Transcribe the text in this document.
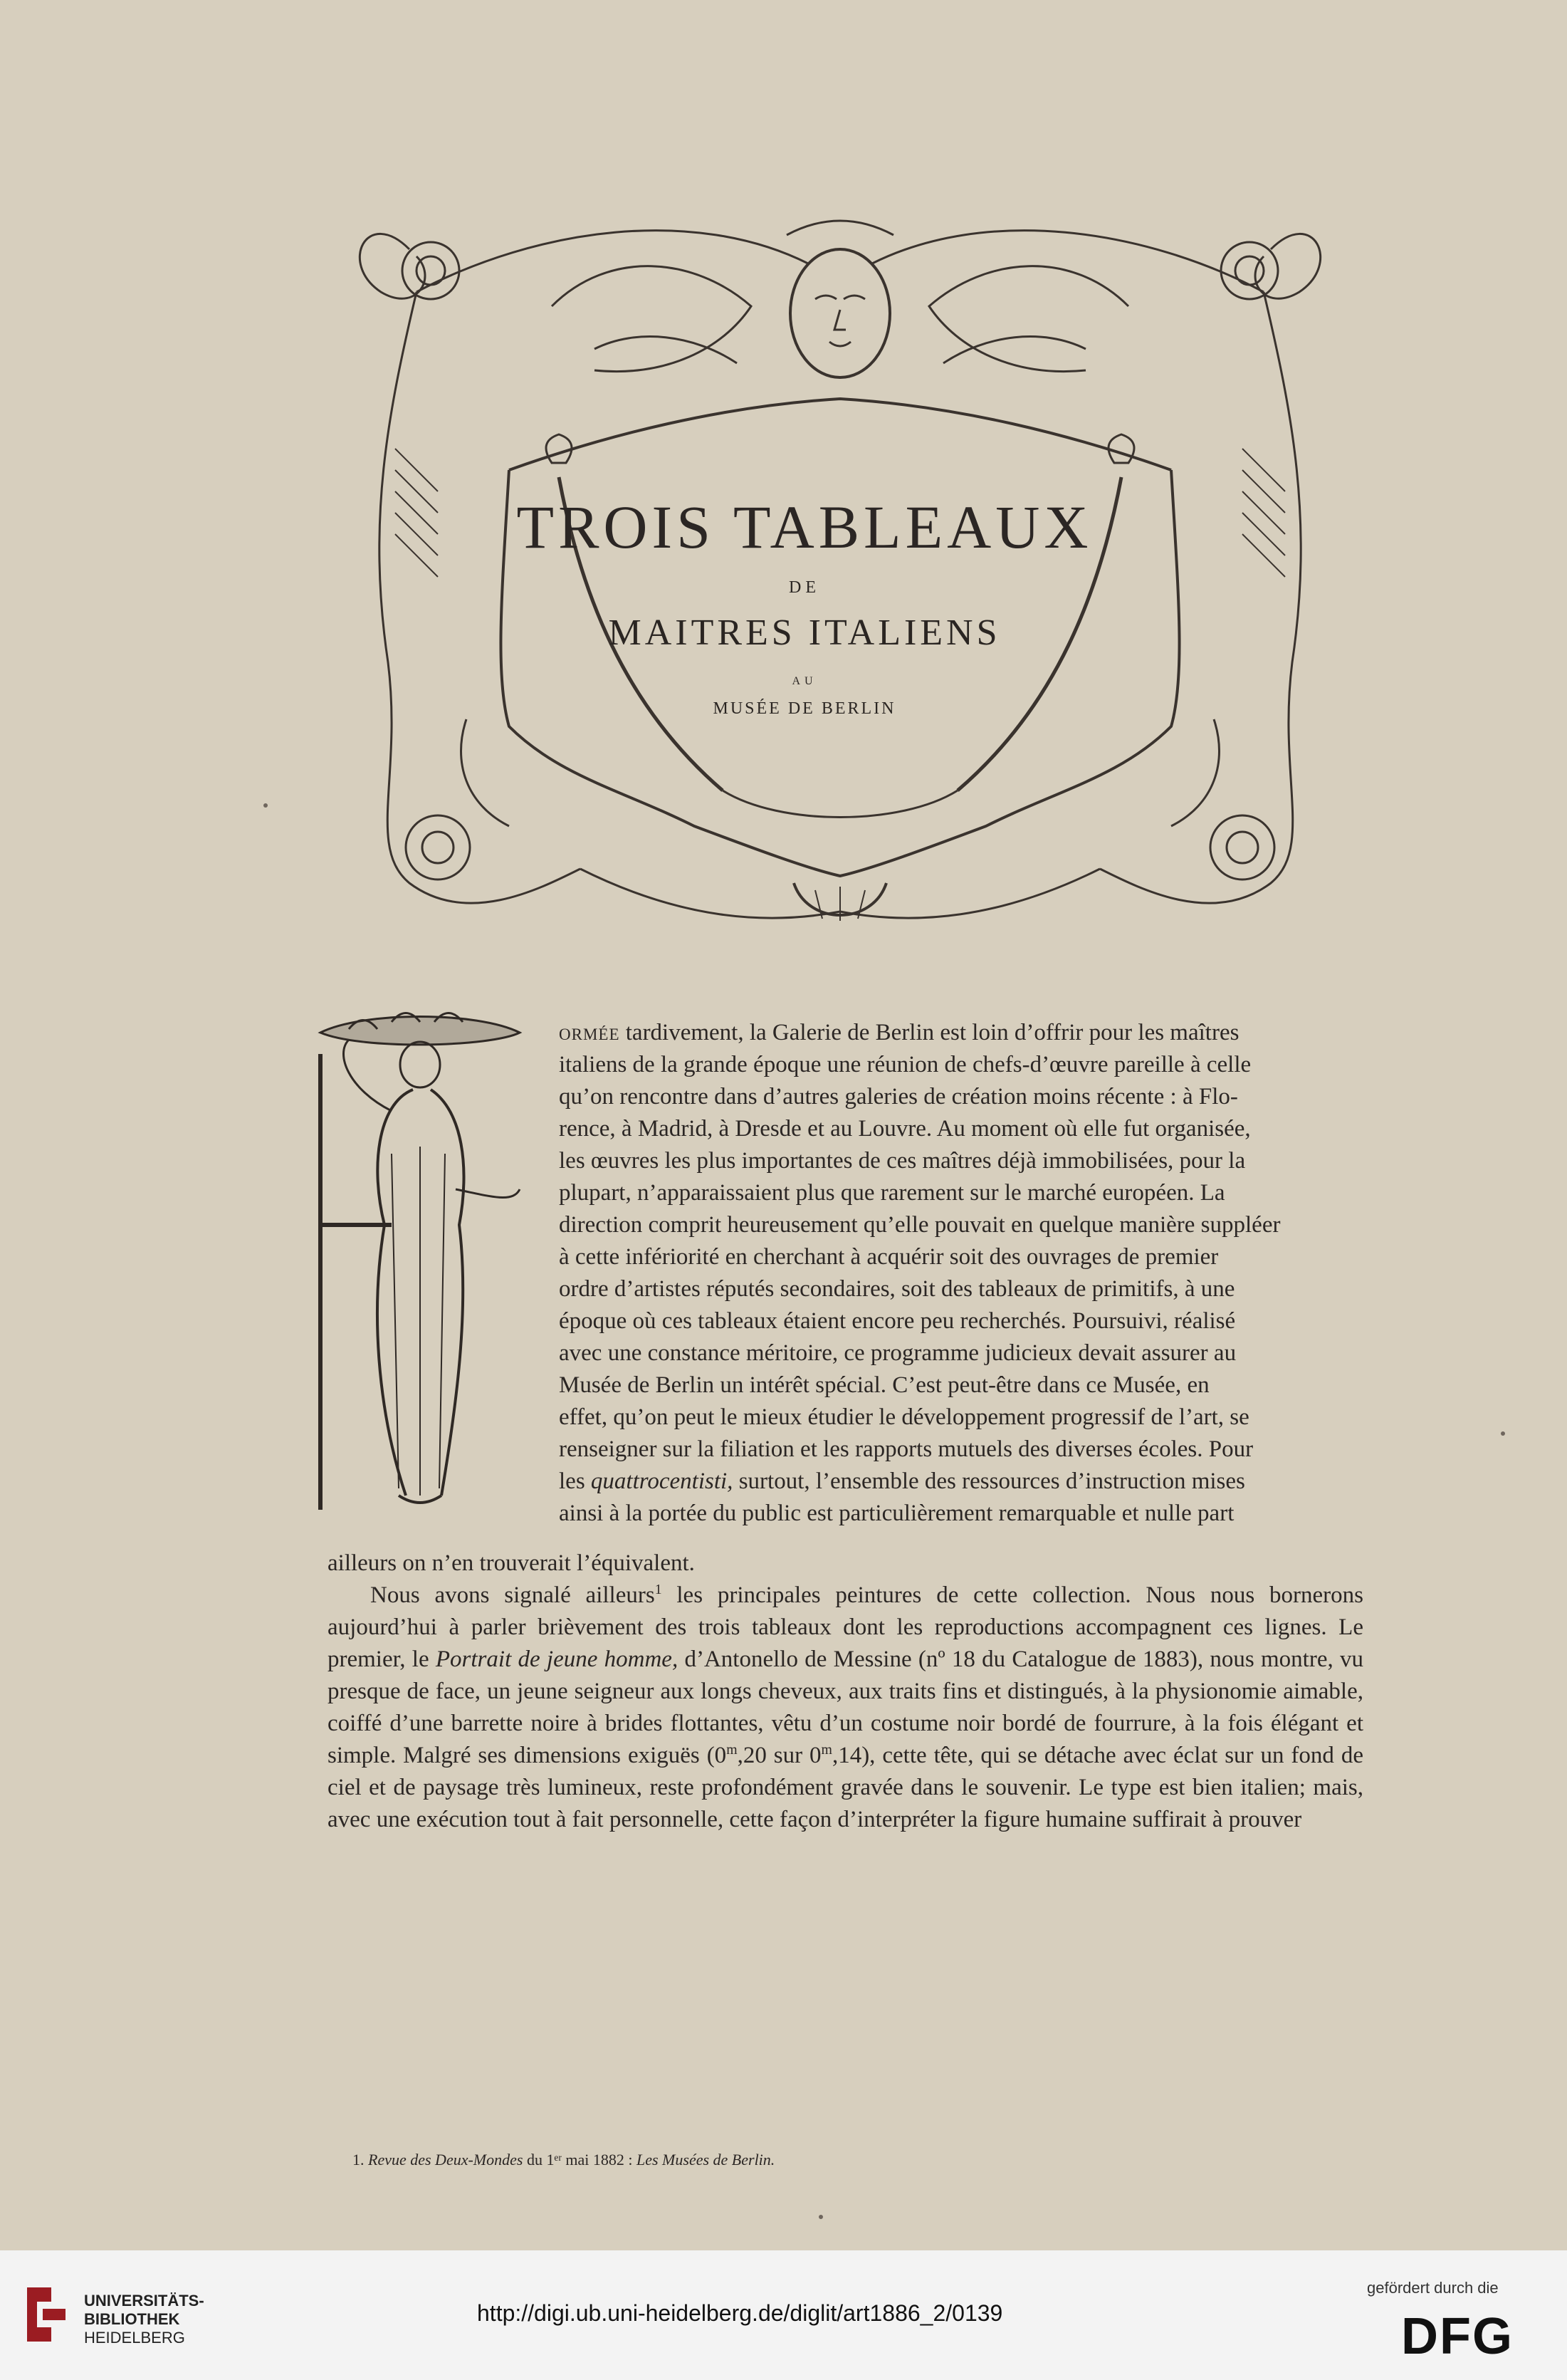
TROIS TABLEAUX
DE
MAITRES ITALIENS
AU
MUSÉE DE BERLIN

ormée tardivement, la Galerie de Berlin est loin d’offrir pour les maîtres

italiens de la grande époque une réunion de chefs-d’œuvre pareille à celle

qu’on rencontre dans d’autres galeries de création moins récente : à Flo-

rence, à Madrid, à Dresde et au Louvre. Au moment où elle fut organisée,

les œuvres les plus importantes de ces maîtres déjà immobilisées, pour la

plupart, n’apparaissaient plus que rarement sur le marché européen. La

direction comprit heureusement qu’elle pouvait en quelque manière suppléer

à cette infériorité en cherchant à acquérir soit des ouvrages de premier

ordre d’artistes réputés secondaires, soit des tableaux de primitifs, à une

époque où ces tableaux étaient encore peu recherchés. Poursuivi, réalisé

avec une constance méritoire, ce programme judicieux devait assurer au

Musée de Berlin un intérêt spécial. C’est peut-être dans ce Musée, en

effet, qu’on peut le mieux étudier le développement progressif de l’art, se

renseigner sur la filiation et les rapports mutuels des diverses écoles. Pour

les quattrocentisti, surtout, l’ensemble des ressources d’instruction mises

ainsi à la portée du public est particulièrement remarquable et nulle part

ailleurs on n’en trouverait l’équivalent.

Nous avons signalé ailleurs$^1$ les principales peintures de cette collection. Nous nous bornerons aujourd’hui à parler brièvement des trois tableaux dont les reproductions accompagnent ces lignes. Le premier, le Portrait de jeune homme, d’Antonello de Messine (nº 18 du Catalogue de 1883), nous montre, vu presque de face, un jeune seigneur aux longs cheveux, aux traits fins et distingués, à la physionomie aimable, coiffé d’une barrette noire à brides flottantes, vêtu d’un costume noir bordé de fourrure, à la fois élégant et simple. Malgré ses dimensions exiguës (0$^m$,20 sur 0$^m$,14), cette tête, qui se détache avec éclat sur un fond de ciel et de paysage très lumineux, reste profondément gravée dans le souvenir. Le type est bien italien; mais, avec une exécution tout à fait personnelle, cette façon d’interpréter la figure humaine suffirait à prouver

1. Revue des Deux-Mondes du 1ᵉʳ mai 1882 : Les Musées de Berlin.
UNIVERSITÄTS-
BIBLIOTHEK
HEIDELBERG
http://digi.ub.uni-heidelberg.de/diglit/art1886_2/0139
gefördert durch die
DFG
